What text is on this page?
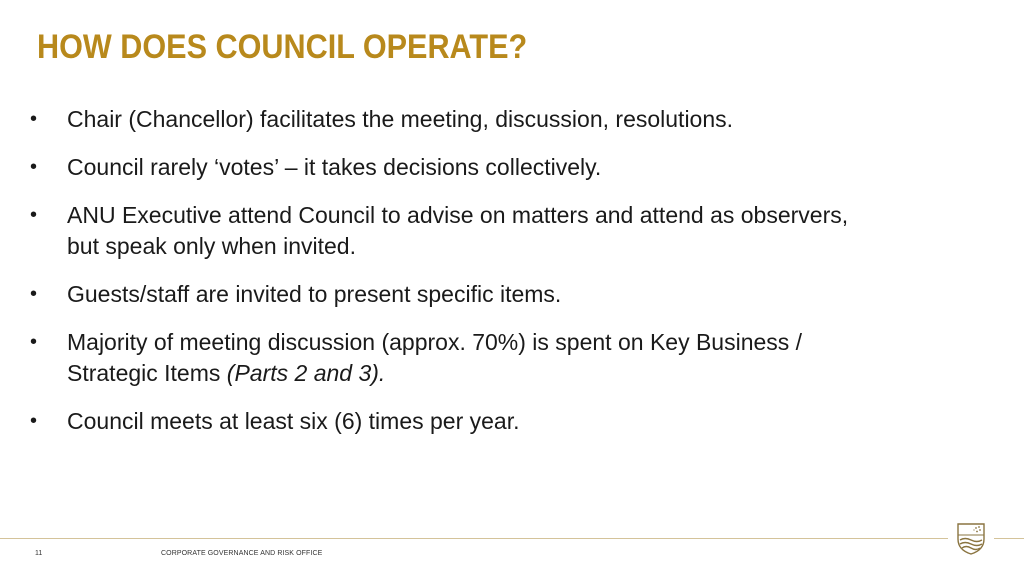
HOW DOES COUNCIL OPERATE?
•	Chair (Chancellor) facilitates the meeting, discussion, resolutions.
•	Council rarely ‘votes’ – it takes decisions collectively.
•	ANU Executive attend Council to advise on matters and attend as observers, but speak only when invited.
•	Guests/staff are invited to present specific items.
•	Majority of meeting discussion (approx. 70%) is spent on Key Business / Strategic Items (Parts 2 and 3).
•	Council meets at least six (6) times per year.
11	CORPORATE GOVERNANCE AND RISK OFFICE
